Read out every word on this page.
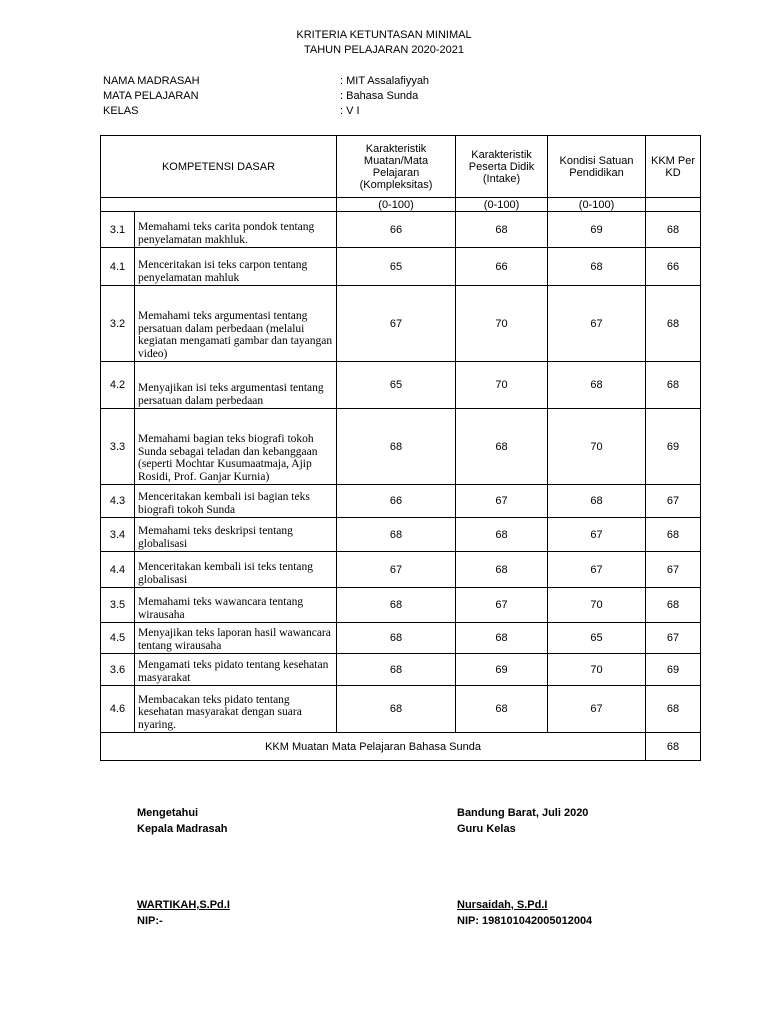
KRITERIA KETUNTASAN MINIMAL
TAHUN PELAJARAN 2020-2021
NAMA MADRASAH	: MIT Assalafiyyah
MATA PELAJARAN	: Bahasa Sunda
KELAS	: V I
KOMPETENSI DASAR		Karakteristik Muatan/Mata Pelajaran (Kompleksitas)	Karakteristik Peserta Didik (Intake)	Kondisi Satuan Pendidikan	KKM Per KD
		(0-100)	(0-100)	(0-100)	
3.1	Memahami teks carita pondok tentang penyelamatan makhluk.	66	68	69	68
4.1	Menceritakan isi teks carpon tentang penyelamatan mahluk	65	66	68	66
3.2	Memahami teks argumentasi tentang persatuan dalam perbedaan (melalui kegiatan mengamati gambar dan tayangan video)	67	70	67	68
4.2	Menyajikan isi teks argumentasi tentang persatuan dalam perbedaan	65	70	68	68
3.3	Memahami bagian teks biografi tokoh Sunda sebagai teladan dan kebanggaan (seperti Mochtar Kusumaatmaja, Ajip Rosidi, Prof. Ganjar Kurnia)	68	68	70	69
4.3	Menceritakan kembali isi bagian teks biografi tokoh Sunda	66	67	68	67
3.4	Memahami teks deskripsi tentang globalisasi	68	68	67	68
4.4	Menceritakan kembali isi teks tentang globalisasi	67	68	67	67
3.5	Memahami teks wawancara tentang wirausaha	68	67	70	68
4.5	Menyajikan teks laporan hasil wawancara tentang wirausaha	68	68	65	67
3.6	Mengamati teks pidato tentang kesehatan masyarakat	68	69	70	69
4.6	Membacakan teks pidato tentang kesehatan masyarakat dengan suara nyaring.	68	68	67	68
KKM Muatan Mata Pelajaran Bahasa Sunda					68
Mengetahui
Kepala Madrasah
Bandung Barat, Juli 2020
Guru Kelas
WARTIKAH,S.Pd.I
NIP:-
Nursaidah, S.Pd.I
NIP: 198101042005012004
